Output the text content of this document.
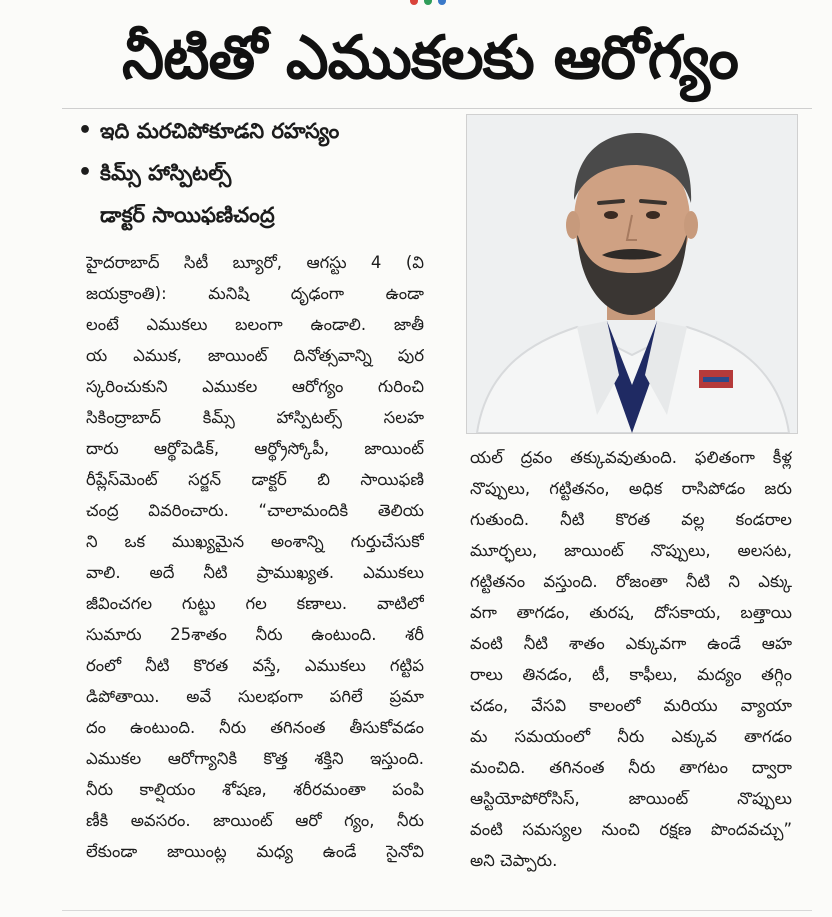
నీటితో ఎముకలకు ఆరోగ్యం
• ఇది మరచిపోకూడని రహస్యం
• కిమ్స్ హాస్పిటల్స్
డాక్టర్ సాయిఫణిచంద్ర
హైదరాబాద్ సిటీ బ్యూరో, ఆగస్టు 4 (వి
జయక్రాంతి): మనిషి దృఢంగా ఉండా
లంటే ఎముకలు బలంగా ఉండాలి. జాతీ
య ఎముక, జాయింట్ దినోత్సవాన్ని పుర
స్కరించుకుని ఎముకల ఆరోగ్యం గురించి
సికింద్రాబాద్ కిమ్స్ హాస్పిటల్స్ సలహ
దారు ఆర్థోపెడిక్, ఆర్థ్రోస్కోపీ, జాయింట్
రీప్లేస్‌మెంట్ సర్జన్ డాక్టర్ బి సాయిఫణి
చంద్ర వివరించారు. “చాలామందికి తెలియ
ని ఒక ముఖ్యమైన అంశాన్ని గుర్తుచేసుకో
వాలి. అదే నీటి ప్రాముఖ్యత. ఎముకలు
జీవించగల గుట్టు గల కణాలు. వాటిలో
సుమారు 25శాతం నీరు ఉంటుంది. శరీ
రంలో నీటి కొరత వస్తే, ఎముకలు గట్టిప
డిపోతాయి. అవే సులభంగా పగిలే ప్రమా
దం ఉంటుంది. నీరు తగినంత తీసుకోవడం
ఎముకల ఆరోగ్యానికి కొత్త శక్తిని ఇస్తుంది.
నీరు కాల్షియం శోషణ, శరీరమంతా పంపి
ణీకి అవసరం. జాయింట్ ఆరో గ్యం, నీరు
లేకుండా జాయింట్ల మధ్య ఉండే సైనోవి
యల్ ద్రవం తక్కువవుతుంది. ఫలితంగా కీళ్ల
నొప్పులు, గట్టితనం, అధిక రాసిపోడం జరు
గుతుంది. నీటి కొరత వల్ల కండరాల
మూర్ఛలు, జాయింట్ నొప్పులు, అలసట,
గట్టితనం వస్తుంది. రోజంతా నీటి ని ఎక్కు
వగా తాగడం, తురష, దోసకాయ, బత్తాయి
వంటి నీటి శాతం ఎక్కువగా ఉండే ఆహ
రాలు తినడం, టీ, కాఫీలు, మద్యం తగ్గిం
చడం, వేసవి కాలంలో మరియు వ్యాయా
మ సమయంలో నీరు ఎక్కువ తాగడం
మంచిది. తగినంత నీరు తాగటం ద్వారా
ఆస్టియోపోరోసిస్, జాయింట్ నొప్పులు
వంటి సమస్యల నుంచి రక్షణ పొందవచ్చు”
అని చెప్పారు.
